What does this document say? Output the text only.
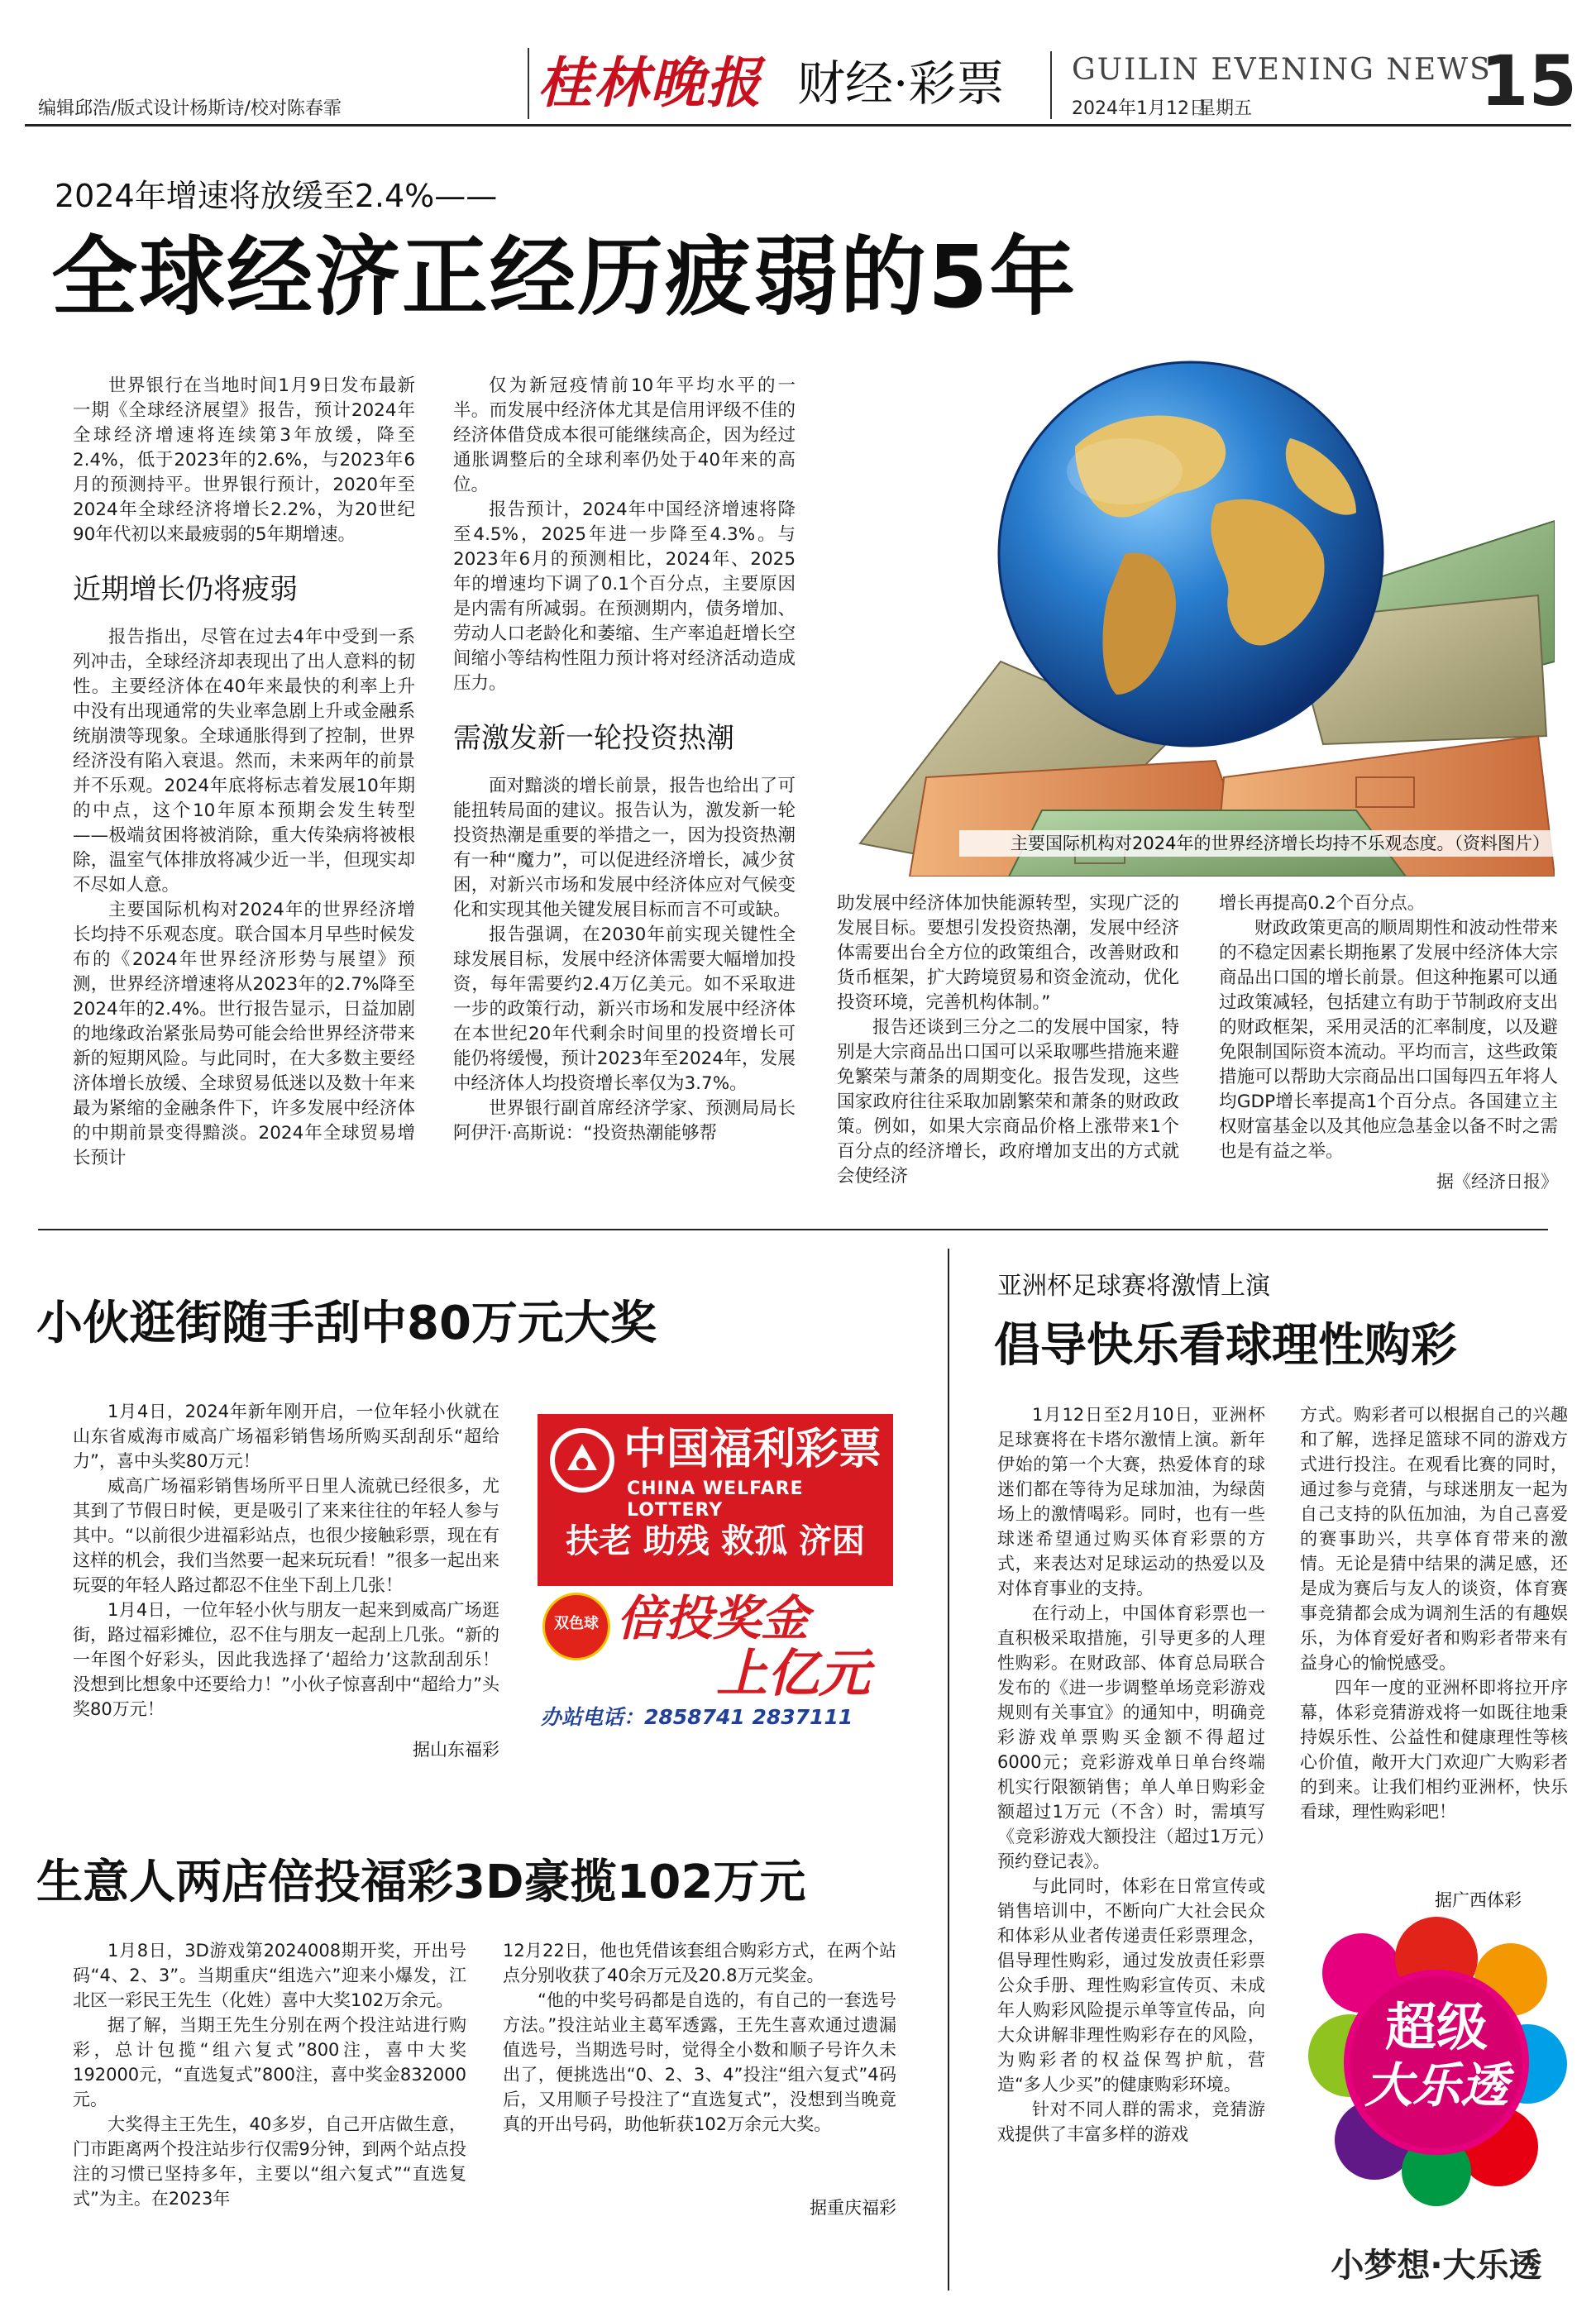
编辑邱浩/版式设计杨斯诗/校对陈春霏	桂林晚报 财经·彩票 GUILIN EVENING NEWS
2024年1月12日
星期五	15
2024年增速将放缓至2.4%——
全球经济正经历疲弱的5年

世界银行在当地时间1月9日发布最新一期《全球经济展望》报告，预计2024年全球经济增速将连续第3年放缓，降至2.4%，低于2023年的2.6%，与2023年6月的预测持平。世界银行预计，2020年至2024年全球经济将增长2.2%，为20世纪90年代初以来最疲弱的5年期增速。

近期增长仍将疲弱

报告指出，尽管在过去4年中受到一系列冲击，全球经济却表现出了出人意料的韧性。主要经济体在40年来最快的利率上升中没有出现通常的失业率急剧上升或金融系统崩溃等现象。全球通胀得到了控制，世界经济没有陷入衰退。然而，未来两年的前景并不乐观。2024年底将标志着发展10年期的中点，这个10年原本预期会发生转型——极端贫困将被消除，重大传染病将被根除，温室气体排放将减少近一半，但现实却不尽如人意。

主要国际机构对2024年的世界经济增长均持不乐观态度。联合国本月早些时候发布的《2024年世界经济形势与展望》预测，世界经济增速将从2023年的2.7%降至2024年的2.4%。世行报告显示，日益加剧的地缘政治紧张局势可能会给世界经济带来新的短期风险。与此同时，在大多数主要经济体增长放缓、全球贸易低迷以及数十年来最为紧缩的金融条件下，许多发展中经济体的中期前景变得黯淡。2024年全球贸易增长预计

仅为新冠疫情前10年平均水平的一半。而发展中经济体尤其是信用评级不佳的经济体借贷成本很可能继续高企，因为经过通胀调整后的全球利率仍处于40年来的高位。

报告预计，2024年中国经济增速将降至4.5%，2025年进一步降至4.3%。与2023年6月的预测相比，2024年、2025年的增速均下调了0.1个百分点，主要原因是内需有所减弱。在预测期内，债务增加、劳动人口老龄化和萎缩、生产率追赶增长空间缩小等结构性阻力预计将对经济活动造成压力。

需激发新一轮投资热潮

面对黯淡的增长前景，报告也给出了可能扭转局面的建议。报告认为，激发新一轮投资热潮是重要的举措之一，因为投资热潮有一种“魔力”，可以促进经济增长，减少贫困，对新兴市场和发展中经济体应对气候变化和实现其他关键发展目标而言不可或缺。

报告强调，在2030年前实现关键性全球发展目标，发展中经济体需要大幅增加投资，每年需要约2.4万亿美元。如不采取进一步的政策行动，新兴市场和发展中经济体在本世纪20年代剩余时间里的投资增长可能仍将缓慢，预计2023年至2024年，发展中经济体人均投资增长率仅为3.7%。

世界银行副首席经济学家、预测局局长阿伊汗·高斯说：“投资热潮能够帮

主要国际机构对2024年的世界经济增长均持不乐观态度。（资料图片）

助发展中经济体加快能源转型，实现广泛的发展目标。要想引发投资热潮，发展中经济体需要出台全方位的政策组合，改善财政和货币框架，扩大跨境贸易和资金流动，优化投资环境，完善机构体制。”

报告还谈到三分之二的发展中国家，特别是大宗商品出口国可以采取哪些措施来避免繁荣与萧条的周期变化。报告发现，这些国家政府往往采取加剧繁荣和萧条的财政政策。例如，如果大宗商品价格上涨带来1个百分点的经济增长，政府增加支出的方式就会使经济

增长再提高0.2个百分点。

财政政策更高的顺周期性和波动性带来的不稳定因素长期拖累了发展中经济体大宗商品出口国的增长前景。但这种拖累可以通过政策减轻，包括建立有助于节制政府支出的财政框架，采用灵活的汇率制度，以及避免限制国际资本流动。平均而言，这些政策措施可以帮助大宗商品出口国每四五年将人均GDP增长率提高1个百分点。各国建立主权财富基金以及其他应急基金以备不时之需也是有益之举。

据《经济日报》
小伙逛街随手刮中80万元大奖

1月4日，2024年新年刚开启，一位年轻小伙就在山东省威海市威高广场福彩销售场所购买刮刮乐“超给力”，喜中头奖80万元！

威高广场福彩销售场所平日里人流就已经很多，尤其到了节假日时候，更是吸引了来来往往的年轻人参与其中。“以前很少进福彩站点，也很少接触彩票，现在有这样的机会，我们当然要一起来玩玩看！”很多一起出来玩耍的年轻人路过都忍不住坐下刮上几张！

1月4日，一位年轻小伙与朋友一起来到威高广场逛街，路过福彩摊位，忍不住与朋友一起刮上几张。“新的一年图个好彩头，因此我选择了‘超给力’这款刮刮乐！没想到比想象中还要给力！”小伙子惊喜刮中“超给力”头奖80万元！

据山东福彩
中国福利彩票
CHINA WELFARE LOTTERY
扶老 助残 救孤 济困
双色球 倍投奖金
上亿元
办站电话：2858741 2837111
生意人两店倍投福彩3D豪揽102万元

1月8日，3D游戏第2024008期开奖，开出号码“4、2、3”。当期重庆“组选六”迎来小爆发，江北区一彩民王先生（化姓）喜中大奖102万余元。

据了解，当期王先生分别在两个投注站进行购彩，总计包揽“组六复式”800注，喜中大奖192000元，“直选复式”800注，喜中奖金832000元。

大奖得主王先生，40多岁，自己开店做生意，门市距离两个投注站步行仅需9分钟，到两个站点投注的习惯已坚持多年，主要以“组六复式”“直选复式”为主。在2023年

12月22日，他也凭借该套组合购彩方式，在两个站点分别收获了40余万元及20.8万元奖金。

“他的中奖号码都是自选的，有自己的一套选号方法。”投注站业主葛军透露，王先生喜欢通过遗漏值选号，当期选号时，觉得全小数和顺子号许久未出了，便挑选出“0、2、3、4”投注“组六复式”4码后，又用顺子号投注了“直选复式”，没想到当晚竟真的开出号码，助他斩获102万余元大奖。

据重庆福彩
亚洲杯足球赛将激情上演
倡导快乐看球理性购彩

1月12日至2月10日，亚洲杯足球赛将在卡塔尔激情上演。新年伊始的第一个大赛，热爱体育的球迷们都在等待为足球加油，为绿茵场上的激情喝彩。同时，也有一些球迷希望通过购买体育彩票的方式，来表达对足球运动的热爱以及对体育事业的支持。

在行动上，中国体育彩票也一直积极采取措施，引导更多的人理性购彩。在财政部、体育总局联合发布的《进一步调整单场竞彩游戏规则有关事宜》的通知中，明确竞彩游戏单票购买金额不得超过6000元；竞彩游戏单日单台终端机实行限额销售；单人单日购彩金额超过1万元（不含）时，需填写《竞彩游戏大额投注（超过1万元）预约登记表》。

与此同时，体彩在日常宣传或销售培训中，不断向广大社会民众和体彩从业者传递责任彩票理念，倡导理性购彩，通过发放责任彩票公众手册、理性购彩宣传页、未成年人购彩风险提示单等宣传品，向大众讲解非理性购彩存在的风险，为购彩者的权益保驾护航，营造“多人少买”的健康购彩环境。

针对不同人群的需求，竞猜游戏提供了丰富多样的游戏

方式。购彩者可以根据自己的兴趣和了解，选择足篮球不同的游戏方式进行投注。在观看比赛的同时，通过参与竞猜，与球迷朋友一起为自己支持的队伍加油，为自己喜爱的赛事助兴，共享体育带来的激情。无论是猜中结果的满足感，还是成为赛后与友人的谈资，体育赛事竞猜都会成为调剂生活的有趣娱乐，为体育爱好者和购彩者带来有益身心的愉悦感受。

四年一度的亚洲杯即将拉开序幕，体彩竞猜游戏将一如既往地秉持娱乐性、公益性和健康理性等核心价值，敞开大门欢迎广大购彩者的到来。让我们相约亚洲杯，快乐看球，理性购彩吧！

据广西体彩
超级
大乐透
小梦想·大乐透
